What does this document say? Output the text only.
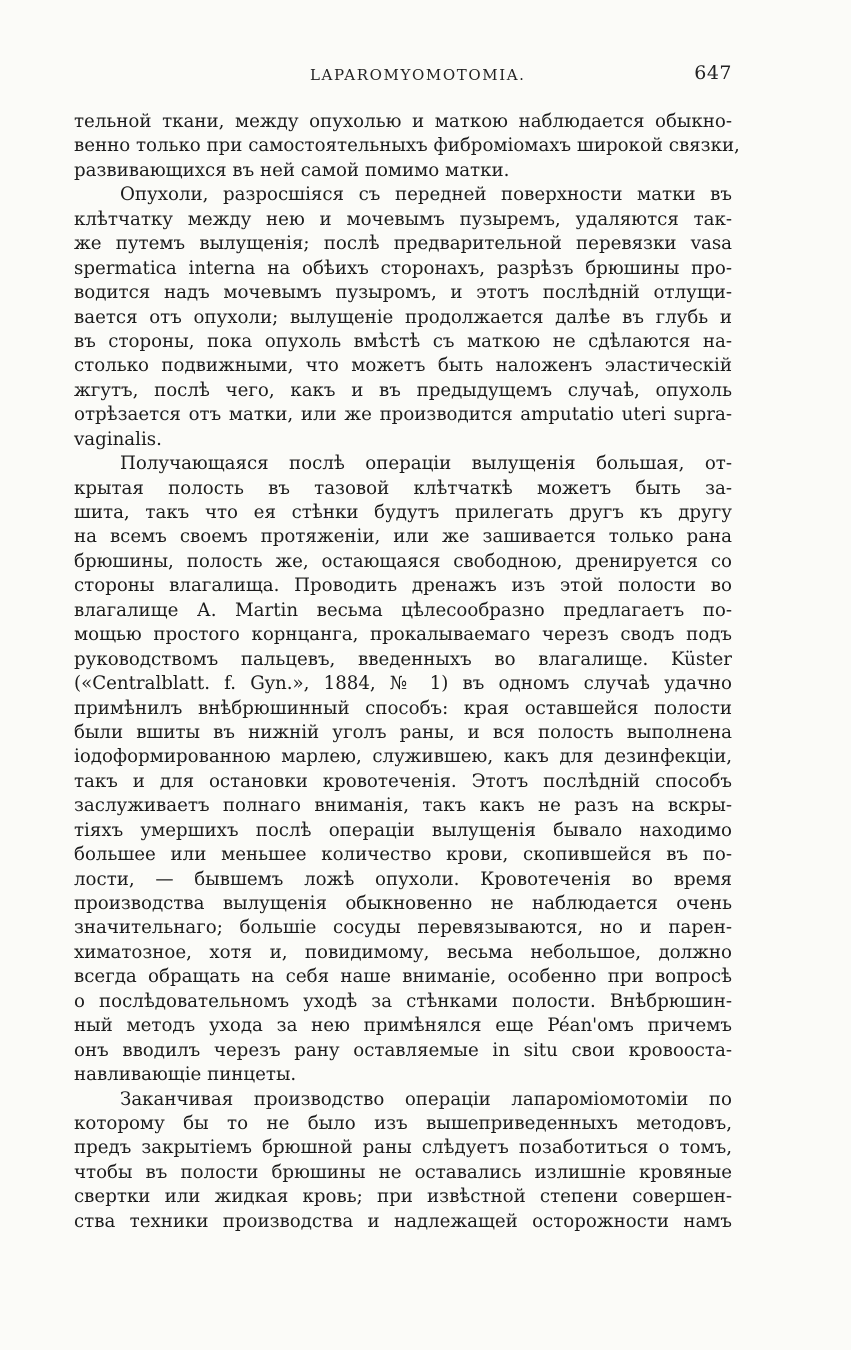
LAPAROMYOMOTOMIA.	647
тельной ткани, между опухолью и маткою наблюдается обыкно-
венно только при самостоятельныхъ фиброміомахъ широкой связки,
развивающихся въ ней самой помимо матки.
Опухоли, разросшіяся съ передней поверхности матки въ
клѣтчатку между нею и мочевымъ пузыремъ, удаляются так-
же путемъ вылущенія; послѣ предварительной перевязки vasa
spermatica interna на обѣихъ сторонахъ, разрѣзъ брюшины про-
водится надъ мочевымъ пузыромъ, и этотъ послѣдній отлущи-
вается отъ опухоли; вылущеніе продолжается далѣе въ глубь и
въ стороны, пока опухоль вмѣстѣ съ маткою не сдѣлаются на-
столько подвижными, что можетъ быть наложенъ эластическій
жгутъ, послѣ чего, какъ и въ предыдущемъ случаѣ, опухоль
отрѣзается отъ матки, или же производится amputatio uteri supra-
vaginalis.
Получающаяся послѣ операціи вылущенія большая, от-
крытая полость въ тазовой клѣтчаткѣ можетъ быть за-
шита, такъ что ея стѣнки будутъ прилегать другъ къ другу
на всемъ своемъ протяженіи, или же зашивается только рана
брюшины, полость же, остающаяся свободною, дренируется со
стороны влагалища. Проводить дренажъ изъ этой полости во
влагалище А. Martin весьма цѣлесообразно предлагаетъ по-
мощью простого корнцанга, прокалываемаго черезъ сводъ подъ
руководствомъ пальцевъ, введенныхъ во влагалище. Küster
(«Centralblatt. f. Gyn.», 1884, № 1) въ одномъ случаѣ удачно
примѣнилъ внѣбрюшинный способъ: края оставшейся полости
были вшиты въ нижній уголъ раны, и вся полость выполнена
іодоформированною марлею, служившею, какъ для дезинфекціи,
такъ и для остановки кровотеченія. Этотъ послѣдній способъ
заслуживаетъ полнаго вниманія, такъ какъ не разъ на вскры-
тіяхъ умершихъ послѣ операціи вылущенія бывало находимо
большее или меньшее количество крови, скопившейся въ по-
лости, — бывшемъ ложѣ опухоли. Кровотеченія во время
производства вылущенія обыкновенно не наблюдается очень
значительнаго; большіе сосуды перевязываются, но и парен-
химатозное, хотя и, повидимому, весьма небольшое, должно
всегда обращать на себя наше вниманіе, особенно при вопросѣ
о послѣдовательномъ уходѣ за стѣнками полости. Внѣбрюшин-
ный методъ ухода за нею примѣнялся еще Péan'омъ причемъ
онъ вводилъ черезъ рану оставляемые in situ свои кровооста-
навливающіе пинцеты.
Заканчивая производство операціи лапароміомотоміи по
которому бы то не было изъ вышеприведенныхъ методовъ,
предъ закрытіемъ брюшной раны слѣдуетъ позаботиться о томъ,
чтобы въ полости брюшины не оставались излишніе кровяные
свертки или жидкая кровь; при извѣстной степени совершен-
ства техники производства и надлежащей осторожности намъ
